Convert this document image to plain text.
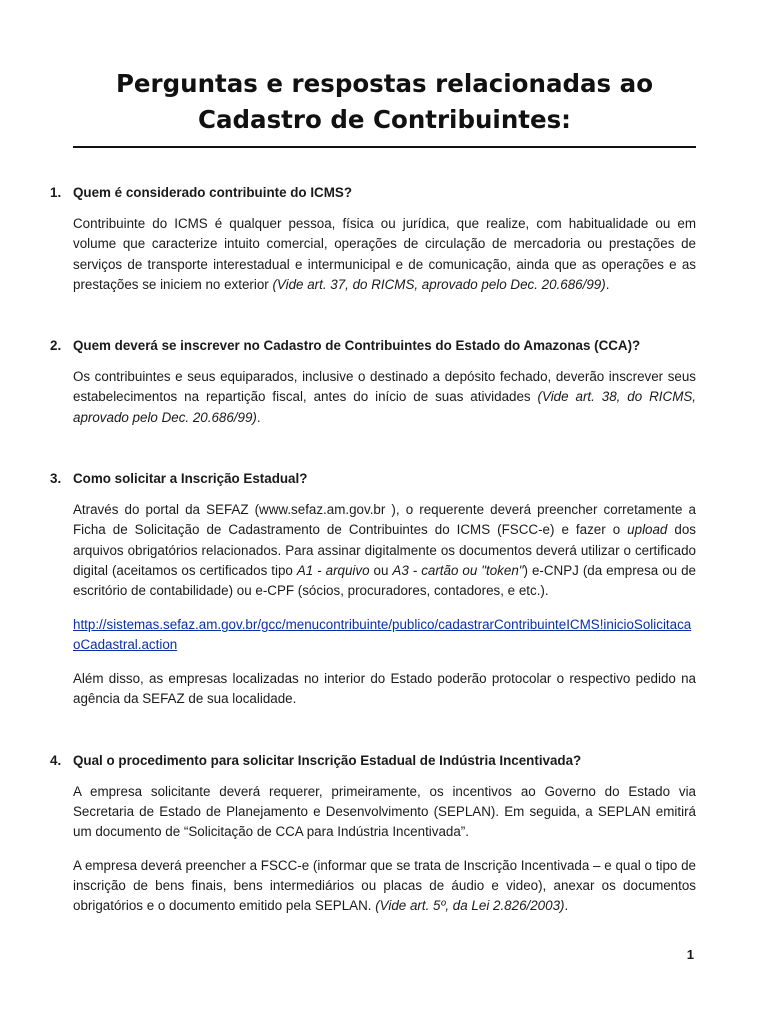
Perguntas e respostas relacionadas ao
Cadastro de Contribuintes:
1. Quem é considerado contribuinte do ICMS?

Contribuinte do ICMS é qualquer pessoa, física ou jurídica, que realize, com habitualidade ou em volume que caracterize intuito comercial, operações de circulação de mercadoria ou prestações de serviços de transporte interestadual e intermunicipal e de comunicação, ainda que as operações e as prestações se iniciem no exterior (Vide art. 37, do RICMS, aprovado pelo Dec. 20.686/99).

2. Quem deverá se inscrever no Cadastro de Contribuintes do Estado do Amazonas (CCA)?

Os contribuintes e seus equiparados, inclusive o destinado a depósito fechado, deverão inscrever seus estabelecimentos na repartição fiscal, antes do início de suas atividades (Vide art. 38, do RICMS, aprovado pelo Dec. 20.686/99).

3. Como solicitar a Inscrição Estadual?

Através do portal da SEFAZ (www.sefaz.am.gov.br ), o requerente deverá preencher corretamente a Ficha de Solicitação de Cadastramento de Contribuintes do ICMS (FSCC-e) e fazer o upload dos arquivos obrigatórios relacionados. Para assinar digitalmente os documentos deverá utilizar o certificado digital (aceitamos os certificados tipo A1 - arquivo ou A3 - cartão ou "token") e-CNPJ (da empresa ou de escritório de contabilidade) ou e-CPF (sócios, procuradores, contadores, e etc.).

http://sistemas.sefaz.am.gov.br/gcc/menucontribuinte/publico/cadastrarContribuinteICMS!inicioSolicitacaoCadastral.action

Além disso, as empresas localizadas no interior do Estado poderão protocolar o respectivo pedido na agência da SEFAZ de sua localidade.

4. Qual o procedimento para solicitar Inscrição Estadual de Indústria Incentivada?

A empresa solicitante deverá requerer, primeiramente, os incentivos ao Governo do Estado via Secretaria de Estado de Planejamento e Desenvolvimento (SEPLAN). Em seguida, a SEPLAN emitirá um documento de “Solicitação de CCA para Indústria Incentivada”.

A empresa deverá preencher a FSCC-e (informar que se trata de Inscrição Incentivada – e qual o tipo de inscrição de bens finais, bens intermediários ou placas de áudio e video), anexar os documentos obrigatórios e o documento emitido pela SEPLAN. (Vide art. 5º, da Lei 2.826/2003).

1
